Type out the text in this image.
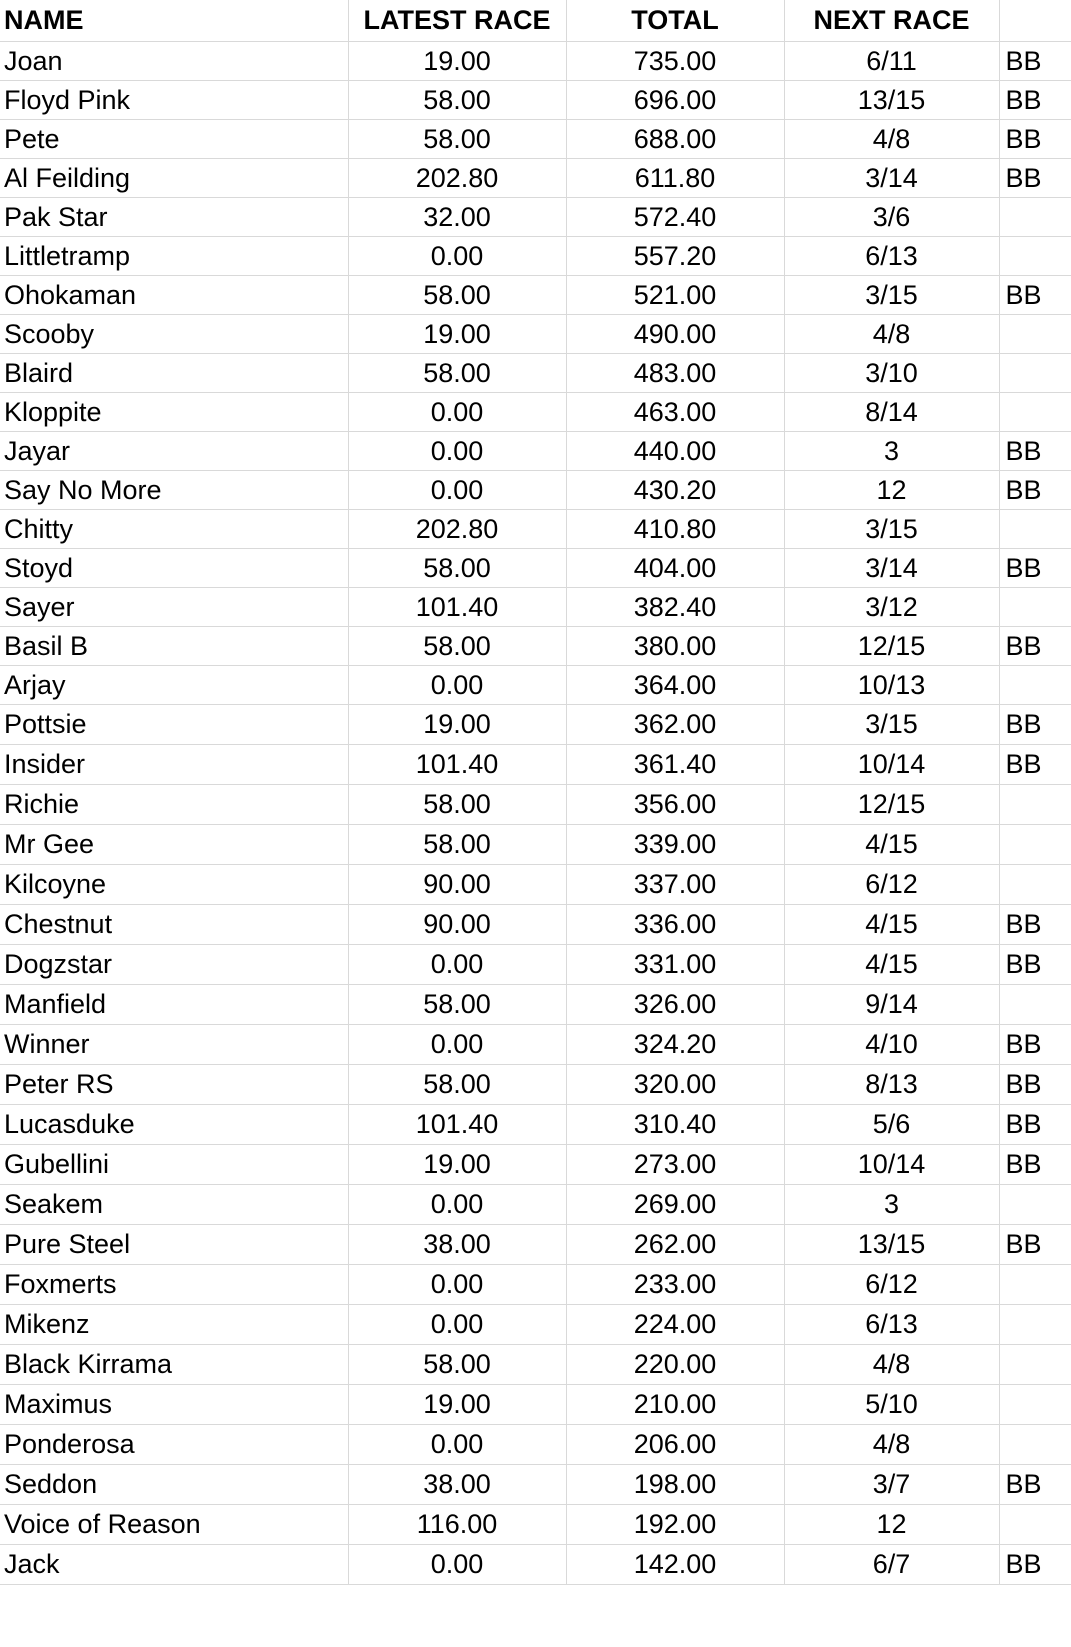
NAME	LATEST RACE	TOTAL	NEXT RACE	
Joan	19.00	735.00	6/11	BB
Floyd Pink	58.00	696.00	13/15	BB
Pete	58.00	688.00	4/8	BB
Al Feilding	202.80	611.80	3/14	BB
Pak Star	32.00	572.40	3/6	
Littletramp	0.00	557.20	6/13	
Ohokaman	58.00	521.00	3/15	BB
Scooby	19.00	490.00	4/8	
Blaird	58.00	483.00	3/10	
Kloppite	0.00	463.00	8/14	
Jayar	0.00	440.00	3	BB
Say No More	0.00	430.20	12	BB
Chitty	202.80	410.80	3/15	
Stoyd	58.00	404.00	3/14	BB
Sayer	101.40	382.40	3/12	
Basil B	58.00	380.00	12/15	BB
Arjay	0.00	364.00	10/13	
Pottsie	19.00	362.00	3/15	BB
Insider	101.40	361.40	10/14	BB
Richie	58.00	356.00	12/15	
Mr Gee	58.00	339.00	4/15	
Kilcoyne	90.00	337.00	6/12	
Chestnut	90.00	336.00	4/15	BB
Dogzstar	0.00	331.00	4/15	BB
Manfield	58.00	326.00	9/14	
Winner	0.00	324.20	4/10	BB
Peter RS	58.00	320.00	8/13	BB
Lucasduke	101.40	310.40	5/6	BB
Gubellini	19.00	273.00	10/14	BB
Seakem	0.00	269.00	3	
Pure Steel	38.00	262.00	13/15	BB
Foxmerts	0.00	233.00	6/12	
Mikenz	0.00	224.00	6/13	
Black Kirrama	58.00	220.00	4/8	
Maximus	19.00	210.00	5/10	
Ponderosa	0.00	206.00	4/8	
Seddon	38.00	198.00	3/7	BB
Voice of Reason	116.00	192.00	12	
Jack	0.00	142.00	6/7	BB
